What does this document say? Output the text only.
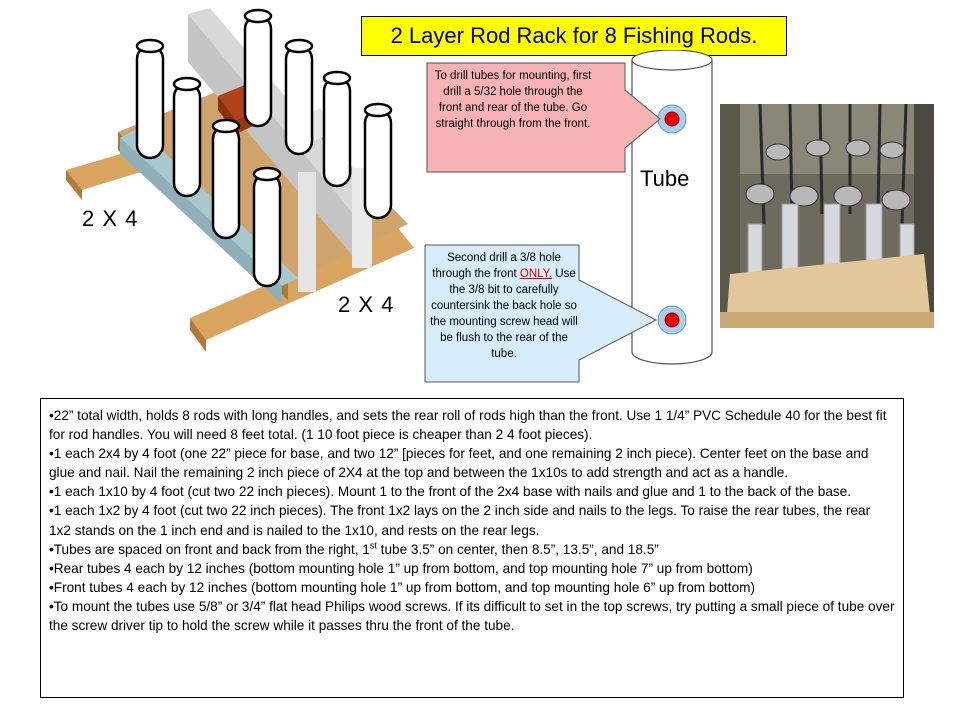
2 Layer Rod Rack for 8 Fishing Rods.
2 X 4
2 X 4
Tube
To drill tubes for mounting, first drill a 5/32 hole through the front and rear of the tube. Go straight through from the front.
Second drill a 3/8 hole through the front ONLY. Use the 3/8 bit to carefully countersink the back hole so the mounting screw head will be flush to the rear of the tube.

•22” total width, holds 8 rods with long handles, and sets the rear roll of rods high than the front. Use 1 1/4” PVC Schedule 40 for the best fit for rod handles. You will need 8 feet total. (1 10 foot piece is cheaper than 2 4 foot pieces).

•1 each 2x4 by 4 foot (one 22” piece for base, and two 12” [pieces for feet, and one remaining 2 inch piece). Center feet on the base and glue and nail. Nail the remaining 2 inch piece of 2X4 at the top and between the 1x10s to add strength and act as a handle.

•1 each 1x10 by 4 foot (cut two 22 inch pieces). Mount 1 to the front of the 2x4 base with nails and glue and 1 to the back of the base.

•1 each 1x2 by 4 foot (cut two 22 inch pieces). The front 1x2 lays on the 2 inch side and nails to the legs. To raise the rear tubes, the rear 1x2 stands on the 1 inch end and is nailed to the 1x10, and rests on the rear legs.

•Tubes are spaced on front and back from the right, 1st tube 3.5” on center, then 8.5”, 13.5”, and 18.5”

•Rear tubes 4 each by 12 inches (bottom mounting hole 1” up from bottom, and top mounting hole 7” up from bottom)

•Front tubes 4 each by 12 inches (bottom mounting hole 1” up from bottom, and top mounting hole 6” up from bottom)

•To mount the tubes use 5/8” or 3/4” flat head Philips wood screws. If its difficult to set in the top screws, try putting a small piece of tube over the screw driver tip to hold the screw while it passes thru the front of the tube.
